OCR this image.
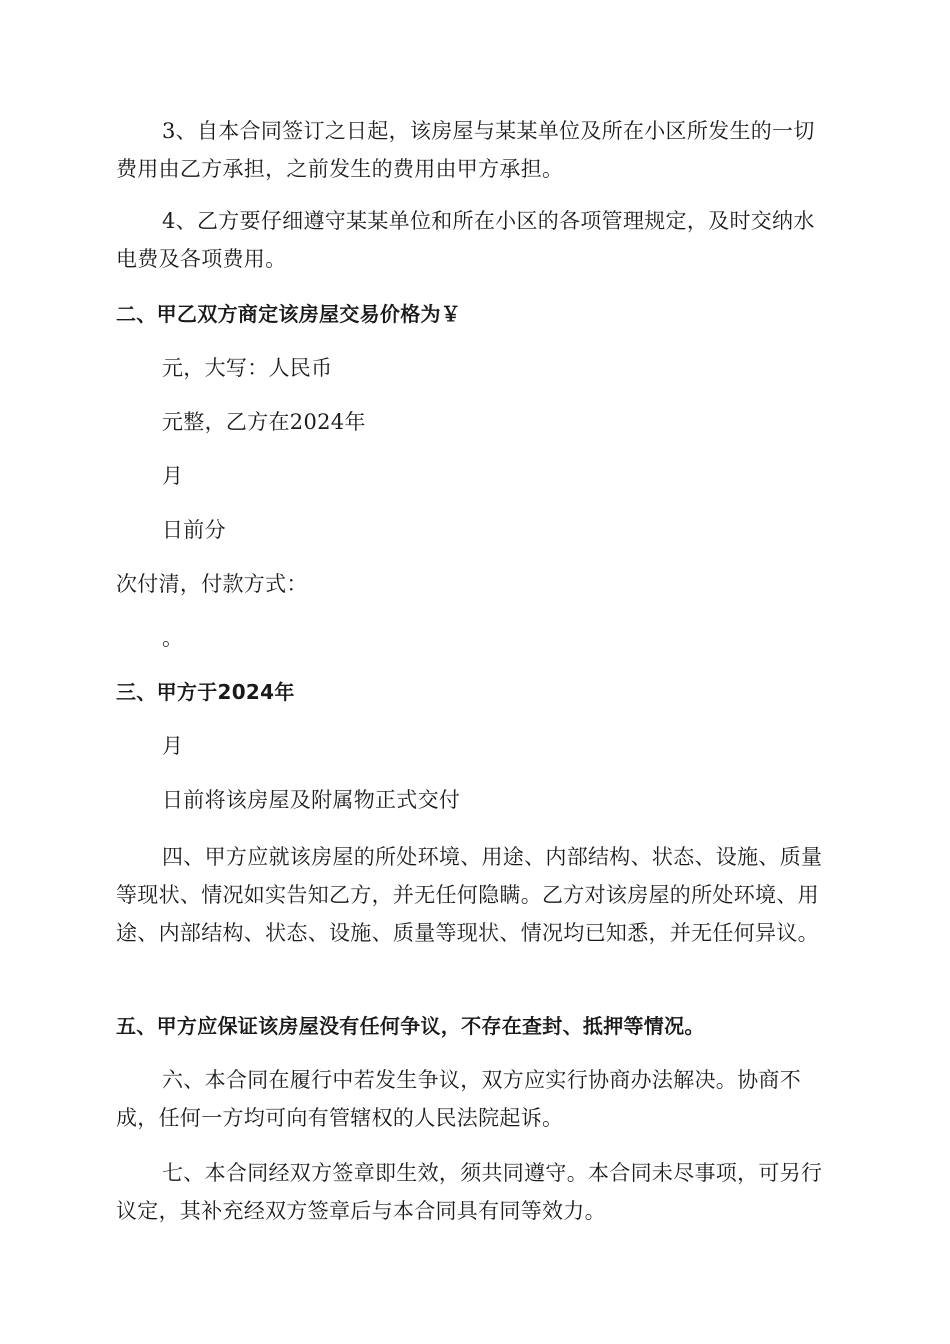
3、自本合同签订之日起，该房屋与某某单位及所在小区所发生的一切费用由乙方承担，之前发生的费用由甲方承担。

4、乙方要仔细遵守某某单位和所在小区的各项管理规定，及时交纳水电费及各项费用。

二、甲乙双方商定该房屋交易价格为￥

元，大写：人民币

元整，乙方在2024年

月

日前分

次付清，付款方式：

。

三、甲方于2024年

月

日前将该房屋及附属物正式交付

四、甲方应就该房屋的所处环境、用途、内部结构、状态、设施、质量等现状、情况如实告知乙方，并无任何隐瞒。乙方对该房屋的所处环境、用途、内部结构、状态、设施、质量等现状、情况均已知悉，并无任何异议。

五、甲方应保证该房屋没有任何争议，不存在查封、抵押等情况。

六、本合同在履行中若发生争议，双方应实行协商办法解决。协商不成，任何一方均可向有管辖权的人民法院起诉。

七、本合同经双方签章即生效，须共同遵守。本合同未尽事项，可另行议定，其补充经双方签章后与本合同具有同等效力。
